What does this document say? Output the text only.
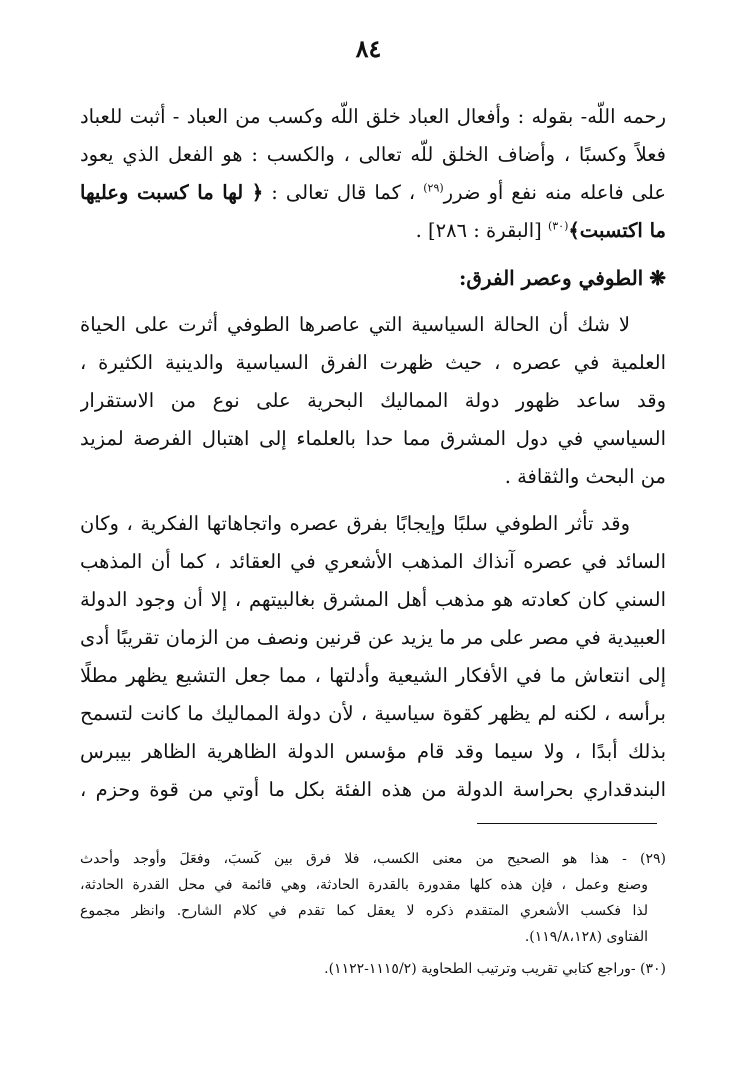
٨٤
رحمه اللّه- بقوله : وأفعال العباد خلق اللّه وكسب من العباد - أثبت للعباد
فعلاً وكسبًا ، وأضاف الخلق للّه تعالى ، والكسب : هو الفعل الذي يعود
على فاعله منه نفع أو ضرر$^{(٢٩)}$ ، كما قال تعالى : ﴿ لها ما كسبت وعليها
ما اكتسبت﴾$^{(٣٠)}$ [البقرة : ٢٨٦] .
❋الطوفي وعصر الفرق:
لا شك أن الحالة السياسية التي عاصرها الطوفي أثرت على الحياة
العلمية في عصره ، حيث ظهرت الفرق السياسية والدينية الكثيرة ،
وقد ساعد ظهور دولة المماليك البحرية على نوع من الاستقرار
السياسي في دول المشرق مما حدا بالعلماء إلى اهتبال الفرصة لمزيد
من البحث والثقافة .
وقد تأثر الطوفي سلبًا وإيجابًا بفرق عصره واتجاهاتها الفكرية ، وكان
السائد في عصره آنذاك المذهب الأشعري في العقائد ، كما أن المذهب
السني كان كعادته هو مذهب أهل المشرق بغالبيتهم ، إلا أن وجود الدولة
العبيدية في مصر على مر ما يزيد عن قرنين ونصف من الزمان تقريبًا أدى
إلى انتعاش ما في الأفكار الشيعية وأدلتها ، مما جعل التشيع يظهر مطلًا
برأسه ، لكنه لم يظهر كقوة سياسية ، لأن دولة المماليك ما كانت لتسمح
بذلك أبدًا ، ولا سيما وقد قام مؤسس الدولة الظاهرية الظاهر بيبرس
البندقداري بحراسة الدولة من هذه الفئة بكل ما أوتي من قوة وحزم ،
(٢٩) - هذا هو الصحيح من معنى الكسب، فلا فرق بين كَسبَ، وفعَلَ وأوجد وأحدث
وصنع وعمل ، فإن هذه كلها مقدورة بالقدرة الحادثة، وهي قائمة في محل القدرة الحادثة،
لذا فكسب الأشعري المتقدم ذكره لا يعقل كما تقدم في كلام الشارح. وانظر مجموع
الفتاوى (١١٩/٨،١٢٨).
(٣٠) -وراجع كتابي تقريب وترتيب الطحاوية (١١١٥/٢-١١٢٢).
